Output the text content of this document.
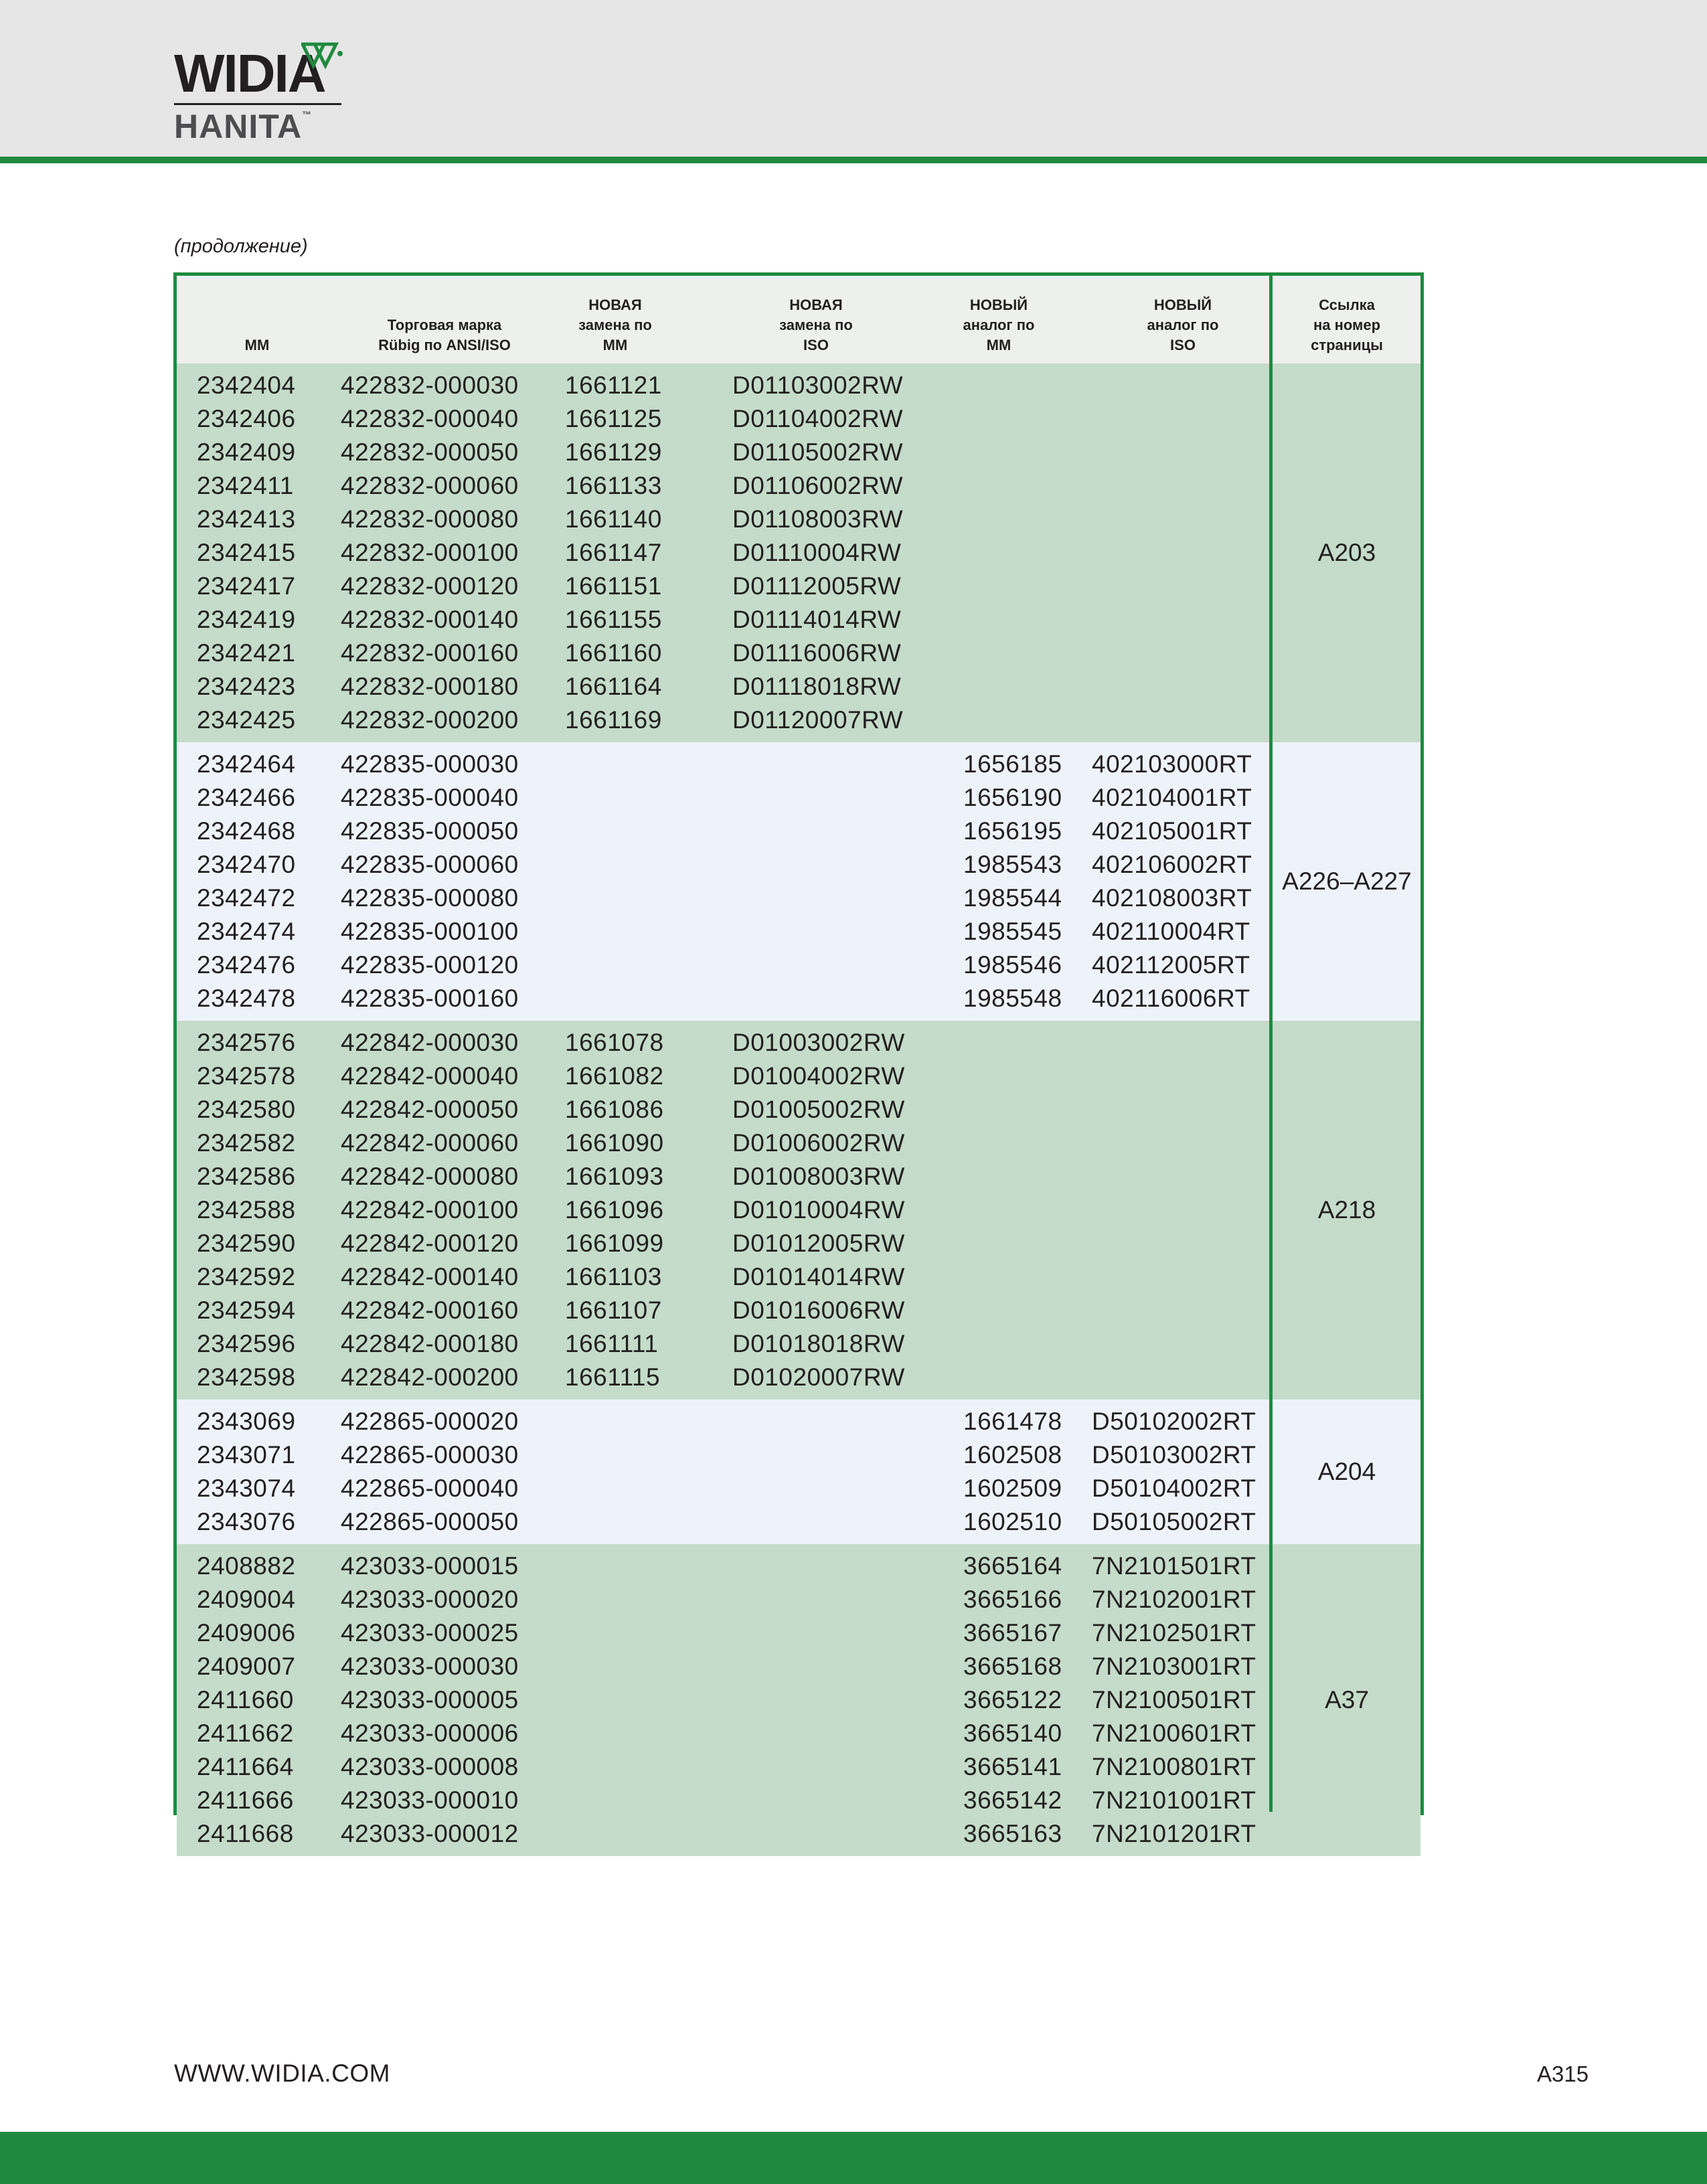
WIDIA
HANITA™
(продолжение)
MM
Торговая марка
Rübig по ANSI/ISO
НОВАЯ
замена по
MM
НОВАЯ
замена по
ISO
НОВЫЙ
аналог по
MM
НОВЫЙ
аналог по
ISO
Ссылка
на номер
страницы
2342404 422832-000030 1661121	D01103002RW
2342406 422832-000040 1661125	D01104002RW
2342409 422832-000050 1661129	D01105002RW
2342411 422832-000060 1661133	D01106002RW
2342413 422832-000080 1661140	D01108003RW
2342415 422832-000100 1661147	D01110004RW
2342417 422832-000120 1661151	D01112005RW
2342419 422832-000140 1661155	D01114014RW
2342421 422832-000160 1661160	D01116006RW
2342423 422832-000180 1661164	D01118018RW
2342425 422832-000200 1661169	D01120007RW
A203
2342464 422835-000030	1656185 402103000RT
2342466 422835-000040	1656190 402104001RT
2342468 422835-000050	1656195 402105001RT
2342470 422835-000060	1985543 402106002RT
2342472 422835-000080	1985544 402108003RT
2342474 422835-000100	1985545 402110004RT
2342476 422835-000120	1985546 402112005RT
2342478 422835-000160	1985548 402116006RT
A226–A227
2342576 422842-000030 1661078	D01003002RW
2342578 422842-000040 1661082	D01004002RW
2342580 422842-000050 1661086	D01005002RW
2342582 422842-000060 1661090	D01006002RW
2342586 422842-000080 1661093	D01008003RW
2342588 422842-000100 1661096	D01010004RW
2342590 422842-000120 1661099	D01012005RW
2342592 422842-000140 1661103	D01014014RW
2342594 422842-000160 1661107	D01016006RW
2342596 422842-000180 1661111	D01018018RW
2342598 422842-000200 1661115	D01020007RW
A218
2343069 422865-000020	1661478 D50102002RT
2343071 422865-000030	1602508 D50103002RT
2343074 422865-000040	1602509 D50104002RT
2343076 422865-000050	1602510 D50105002RT
A204
2408882 423033-000015	3665164 7N2101501RT
2409004 423033-000020	3665166 7N2102001RT
2409006 423033-000025	3665167 7N2102501RT
2409007 423033-000030	3665168 7N2103001RT
2411660 423033-000005	3665122 7N2100501RT
2411662 423033-000006	3665140 7N2100601RT
2411664 423033-000008	3665141 7N2100801RT
2411666 423033-000010	3665142 7N2101001RT
2411668 423033-000012	3665163 7N2101201RT
A37
WWW.WIDIA.COM	A315
